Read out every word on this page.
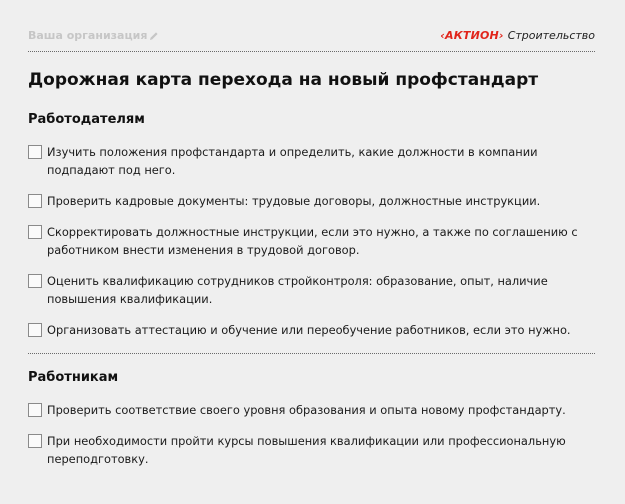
Ваша организация	‹АКТИОН› Строительство
Дорожная карта перехода на новый профстандарт
Работодателям
Изучить положения профстандарта и определить, какие должности в компании подпадают под него.
Проверить кадровые документы: трудовые договоры, должностные инструкции.
Скорректировать должностные инструкции, если это нужно, а также по соглашению с работником внести изменения в трудовой договор.
Оценить квалификацию сотрудников стройконтроля: образование, опыт, наличие повышения квалификации.
Организовать аттестацию и обучение или переобучение работников, если это нужно.
Работникам
Проверить соответствие своего уровня образования и опыта новому профстандарту.
При необходимости пройти курсы повышения квалификации или профессиональную переподготовку.
